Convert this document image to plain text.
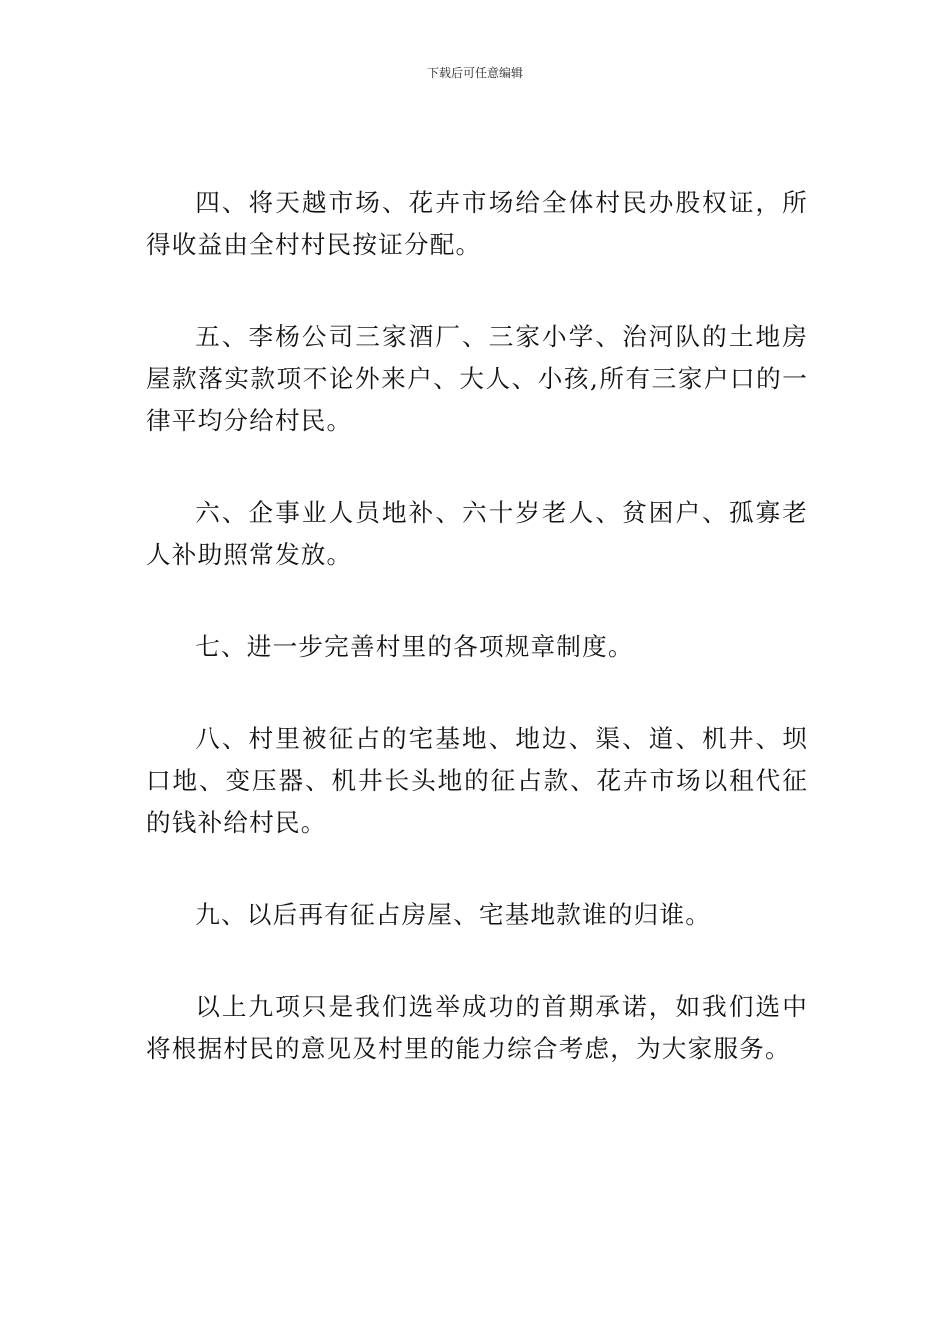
下载后可任意编辑

四、将天越市场、花卉市场给全体村民办股权证，所得收益由全村村民按证分配。

五、李杨公司三家酒厂、三家小学、治河队的土地房屋款落实款项不论外来户、大人、小孩,所有三家户口的一律平均分给村民。

六、企事业人员地补、六十岁老人、贫困户、孤寡老人补助照常发放。

七、进一步完善村里的各项规章制度。

八、村里被征占的宅基地、地边、渠、道、机井、坝口地、变压器、机井长头地的征占款、花卉市场以租代征的钱补给村民。

九、以后再有征占房屋、宅基地款谁的归谁。

以上九项只是我们选举成功的首期承诺，如我们选中将根据村民的意见及村里的能力综合考虑，为大家服务。
